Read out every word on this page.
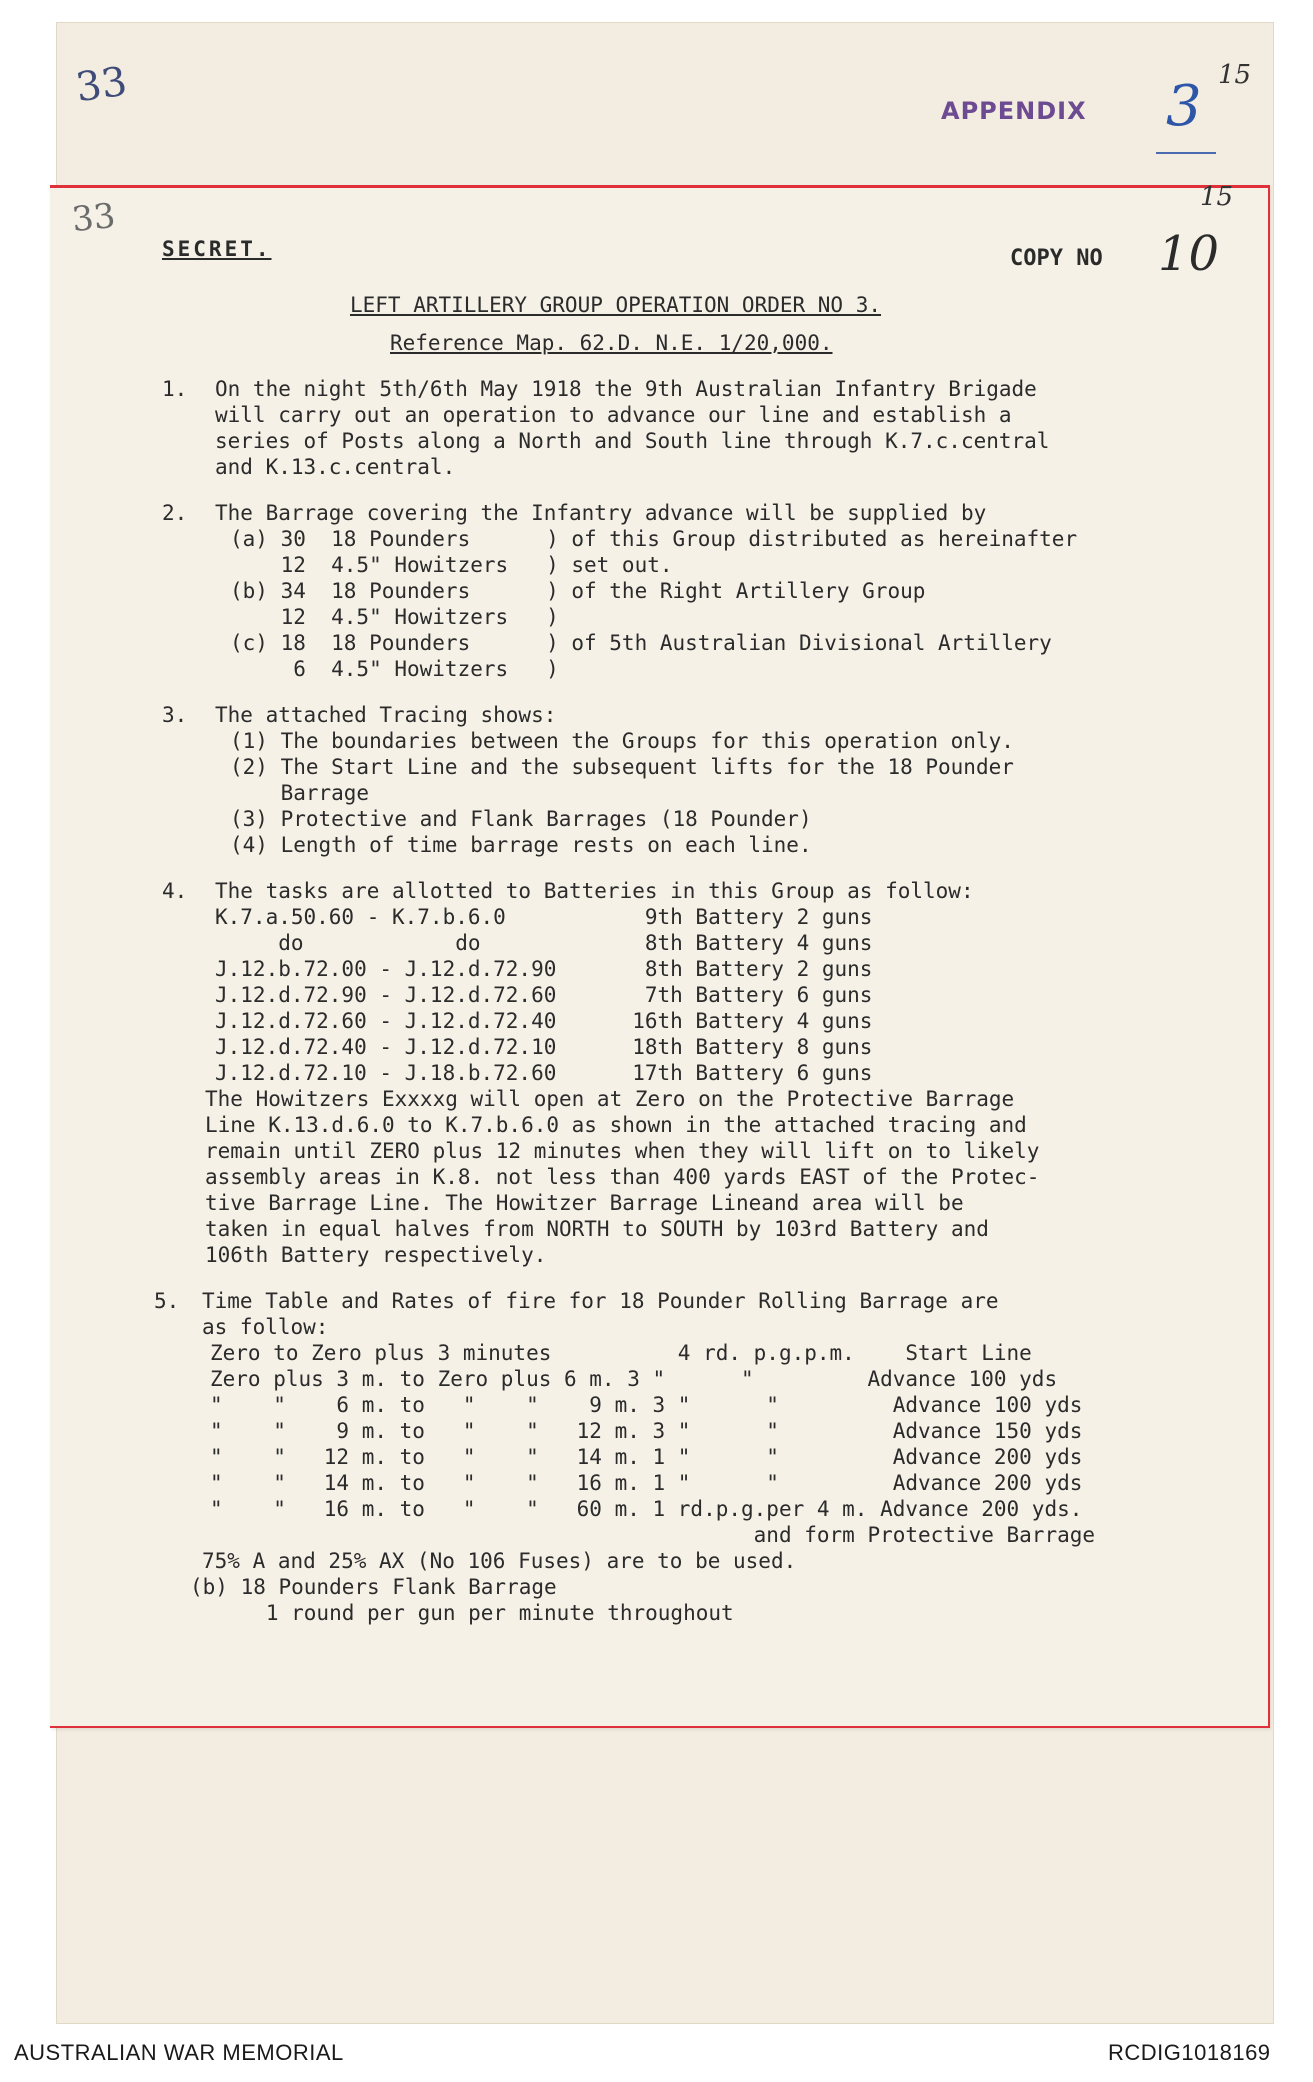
33	APPENDIX 3 15
33	15
SECRET.	COPY NO 10
LEFT ARTILLERY GROUP OPERATION ORDER NO 3.
Reference Map. 62.D. N.E. 1/20,000.
1. On the night 5th/6th May 1918 the 9th Australian Infantry Brigade
will carry out an operation to advance our line and establish a
series of Posts along a North and South line through K.7.c.central
and K.13.c.central.
2. The Barrage covering the Infantry advance will be supplied by
(a) 30  18 Pounders      ) of this Group distributed as hereinafter
12  4.5" Howitzers   ) set out.
(b) 34  18 Pounders      ) of the Right Artillery Group
12  4.5" Howitzers   )
(c) 18  18 Pounders      ) of 5th Australian Divisional Artillery
6  4.5" Howitzers   )
3. The attached Tracing shows:
(1) The boundaries between the Groups for this operation only.
(2) The Start Line and the subsequent lifts for the 18 Pounder
Barrage
(3) Protective and Flank Barrages (18 Pounder)
(4) Length of time barrage rests on each line.
4. The tasks are allotted to Batteries in this Group as follow:
K.7.a.50.60 - K.7.b.6.0           9th Battery 2 guns
do            do             8th Battery 4 guns
J.12.b.72.00 - J.12.d.72.90       8th Battery 2 guns
J.12.d.72.90 - J.12.d.72.60       7th Battery 6 guns
J.12.d.72.60 - J.12.d.72.40      16th Battery 4 guns
J.12.d.72.40 - J.12.d.72.10      18th Battery 8 guns
J.12.d.72.10 - J.18.b.72.60      17th Battery 6 guns
The Howitzers Exxxxg will open at Zero on the Protective Barrage
Line K.13.d.6.0 to K.7.b.6.0 as shown in the attached tracing and
remain until ZERO plus 12 minutes when they will lift on to likely
assembly areas in K.8. not less than 400 yards EAST of the Protec-
tive Barrage Line. The Howitzer Barrage Lineand area will be
taken in equal halves from NORTH to SOUTH by 103rd Battery and
106th Battery respectively.
5. Time Table and Rates of fire for 18 Pounder Rolling Barrage are
as follow:
Zero to Zero plus 3 minutes          4 rd. p.g.p.m.    Start Line
Zero plus 3 m. to Zero plus 6 m. 3 "      "         Advance 100 yds
"    "    6 m. to   "    "    9 m. 3 "      "         Advance 100 yds
"    "    9 m. to   "    "   12 m. 3 "      "         Advance 150 yds
"    "   12 m. to   "    "   14 m. 1 "      "         Advance 200 yds
"    "   14 m. to   "    "   16 m. 1 "      "         Advance 200 yds
"    "   16 m. to   "    "   60 m. 1 rd.p.g.per 4 m. Advance 200 yds.
and form Protective Barrage
75% A and 25% AX (No 106 Fuses) are to be used.
(b) 18 Pounders Flank Barrage
1 round per gun per minute throughout
AUSTRALIAN WAR MEMORIAL	RCDIG1018169
